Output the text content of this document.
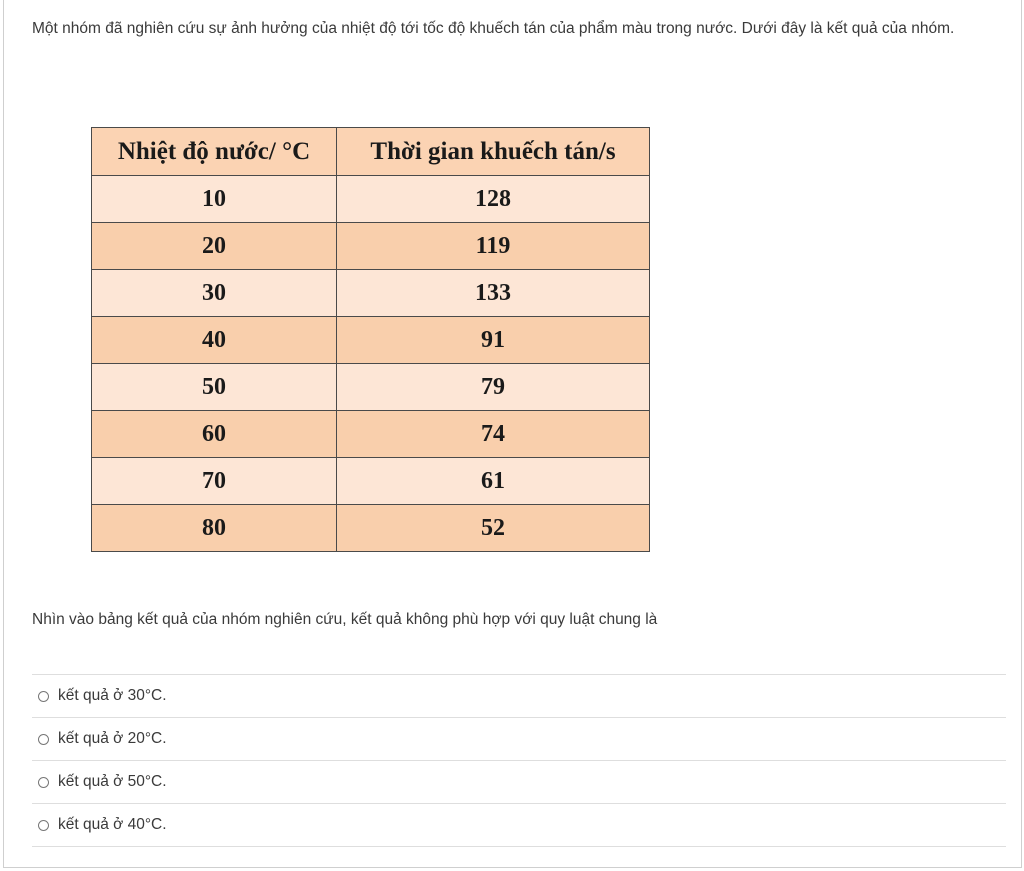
Một nhóm đã nghiên cứu sự ảnh hưởng của nhiệt độ tới tốc độ khuếch tán của phẩm màu trong nước. Dưới đây là kết quả của nhóm.
Nhiệt độ nước/ °C	Thời gian khuếch tán/s
10	128
20	119
30	133
40	91
50	79
60	74
70	61
80	52
Nhìn vào bảng kết quả của nhóm nghiên cứu, kết quả không phù hợp với quy luật chung là
kết quả ở 30°C.
kết quả ở 20°C.
kết quả ở 50°C.
kết quả ở 40°C.
